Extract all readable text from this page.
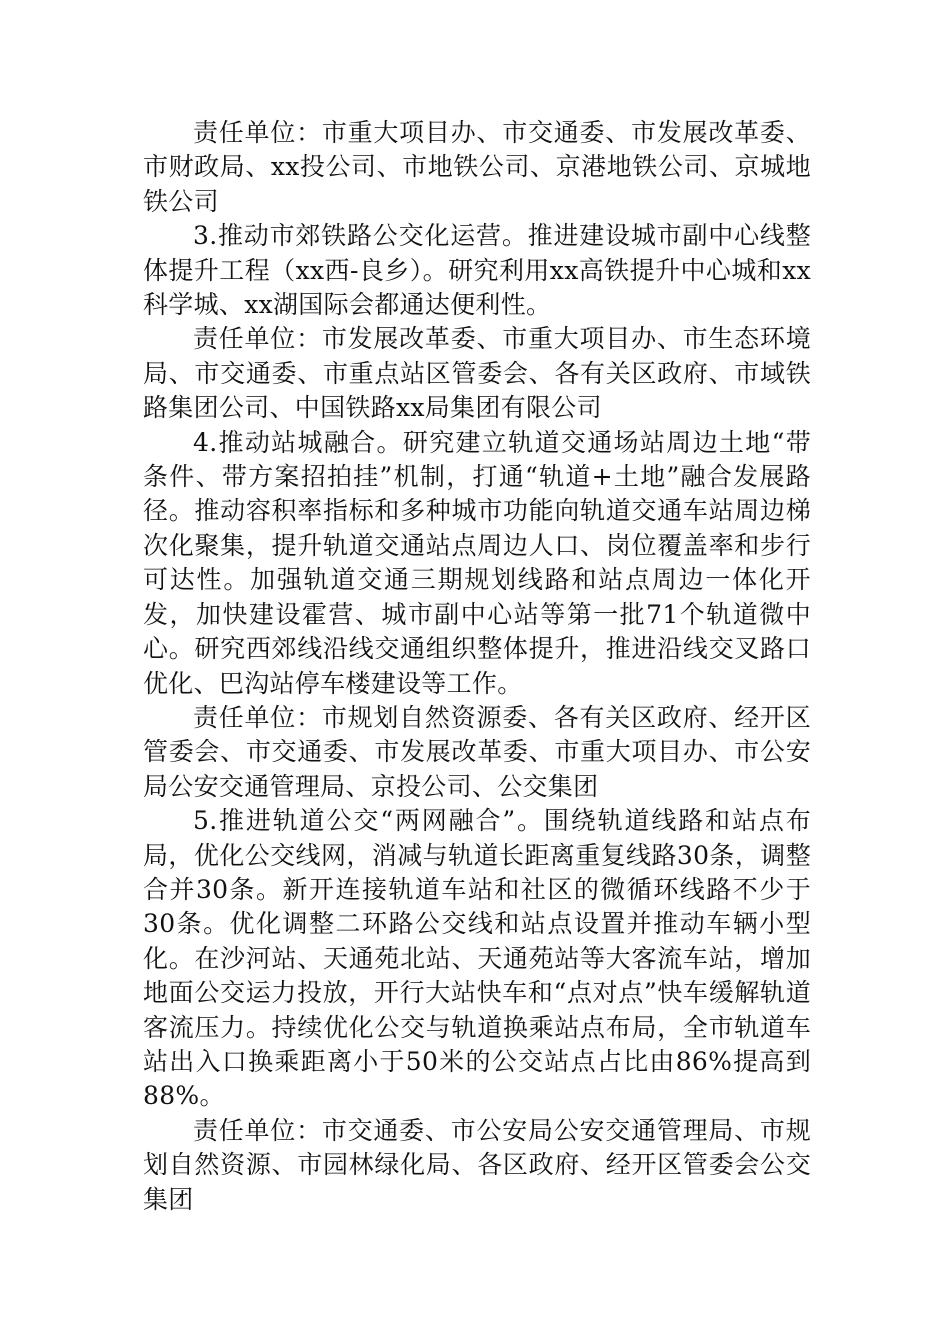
责任单位：市重大项目办、市交通委、市发展改革委、市财政局、xx投公司、市地铁公司、京港地铁公司、京城地铁公司

3.推动市郊铁路公交化运营。推进建设城市副中心线整体提升工程（xx西-良乡）。研究利用xx高铁提升中心城和xx科学城、xx湖国际会都通达便利性。

责任单位：市发展改革委、市重大项目办、市生态环境局、市交通委、市重点站区管委会、各有关区政府、市域铁路集团公司、中国铁路xx局集团有限公司

4.推动站城融合。研究建立轨道交通场站周边土地“带条件、带方案招拍挂”机制，打通“轨道+土地”融合发展路径。推动容积率指标和多种城市功能向轨道交通车站周边梯次化聚集，提升轨道交通站点周边人口、岗位覆盖率和步行可达性。加强轨道交通三期规划线路和站点周边一体化开发，加快建设霍营、城市副中心站等第一批71个轨道微中心。研究西郊线沿线交通组织整体提升，推进沿线交叉路口优化、巴沟站停车楼建设等工作。

责任单位：市规划自然资源委、各有关区政府、经开区管委会、市交通委、市发展改革委、市重大项目办、市公安局公安交通管理局、京投公司、公交集团

5.推进轨道公交“两网融合”。围绕轨道线路和站点布局，优化公交线网，消减与轨道长距离重复线路30条，调整合并30条。新开连接轨道车站和社区的微循环线路不少于30条。优化调整二环路公交线和站点设置并推动车辆小型化。在沙河站、天通苑北站、天通苑站等大客流车站，增加地面公交运力投放，开行大站快车和“点对点”快车缓解轨道客流压力。持续优化公交与轨道换乘站点布局，全市轨道车站出入口换乘距离小于50米的公交站点占比由86%提高到88%。

责任单位：市交通委、市公安局公安交通管理局、市规划自然资源、市园林绿化局、各区政府、经开区管委会公交集团
